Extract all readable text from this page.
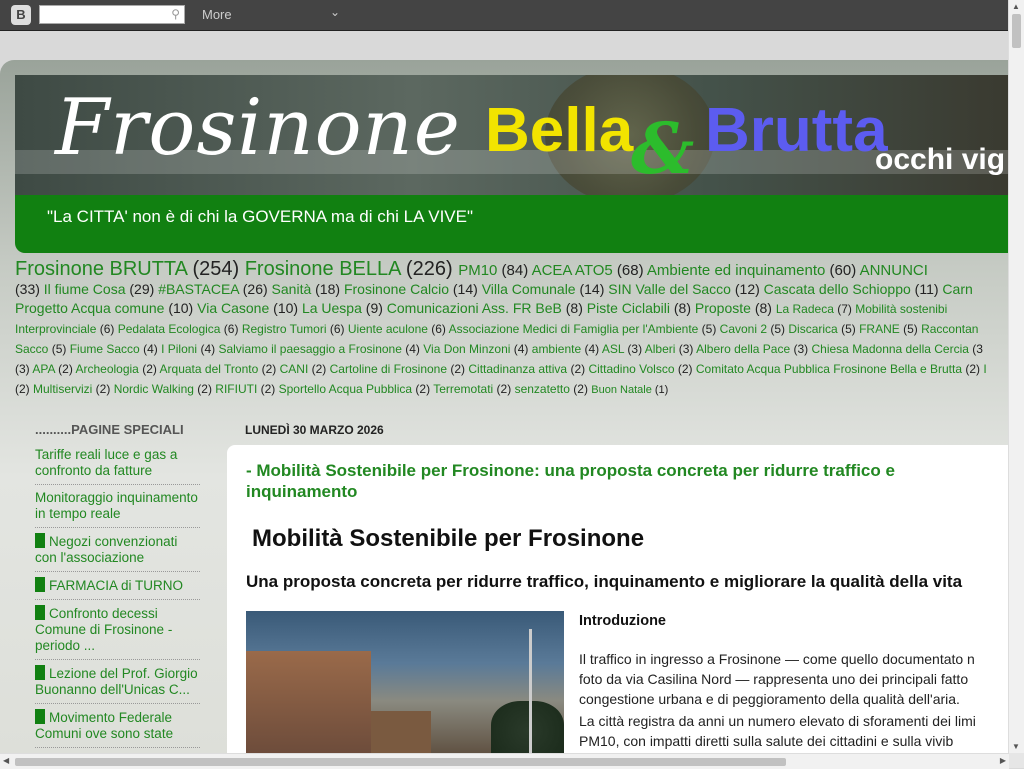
B	⚲ More	⌄
Frosinone Bella
& Brutta
occhi vig
"La CITTA' non è di chi la GOVERNA ma di chi LA VIVE"
Frosinone BRUTTA (254) Frosinone BELLA (226) PM10 (84) ACEA ATO5 (68) Ambiente ed inquinamento (60) ANNUNCI
(33) Il fiume Cosa (29) #BASTACEA (26) Sanità (18) Frosinone Calcio (14) Villa Comunale (14) SIN Valle del Sacco (12) Cascata dello Schioppo (11) Carn
Progetto Acqua comune (10) Via Casone (10) La Uespa (9) Comunicazioni Ass. FR BeB (8) Piste Ciclabili (8) Proposte (8) La Radeca (7) Mobilità sostenibi
Interprovinciale (6) Pedalata Ecologica (6) Registro Tumori (6) Uiente aculone (6) Associazione Medici di Famiglia per l'Ambiente (5) Cavoni 2 (5) Discarica (5) FRANE (5) Raccontan
Sacco (5) Fiume Sacco (4) I Piloni (4) Salviamo il paesaggio a Frosinone (4) Via Don Minzoni (4) ambiente (4) ASL (3) Alberi (3) Albero della Pace (3) Chiesa Madonna della Cercia (3
(3) APA (2) Archeologia (2) Arquata del Tronto (2) CANI (2) Cartoline di Frosinone (2) Cittadinanza attiva (2) Cittadino Volsco (2) Comitato Acqua Pubblica Frosinone Bella e Brutta (2) I
(2) Multiservizi (2) Nordic Walking (2) RIFIUTI (2) Sportello Acqua Pubblica (2) Terremotati (2) senzatetto (2) Buon Natale (1)
..........PAGINE SPECIALI
Tariffe reali luce e gas a confronto da fatture
Monitoraggio inquinamento in tempo reale
Negozi convenzionati con l'associazione
FARMACIA di TURNO
Confronto decessi Comune di Frosinone - periodo ...
Lezione del Prof. Giorgio Buonanno dell'Unicas C...
Movimento Federale Comuni ove sono state
LUNEDÌ 30 MARZO 2026
- Mobilità Sostenibile per Frosinone: una proposta concreta per ridurre traffico e inquinamento
Mobilità Sostenibile per Frosinone
Una proposta concreta per ridurre traffico, inquinamento e migliorare la qualità della vita
Introduzione

Il traffico in ingresso a Frosinone — come quello documentato n

foto da via Casilina Nord — rappresenta uno dei principali fatto

congestione urbana e di peggioramento della qualità dell'aria.

La città registra da anni un numero elevato di sforamenti dei limi

PM10, con impatti diretti sulla salute dei cittadini e sulla vivib

▲
▼
◀	▶
